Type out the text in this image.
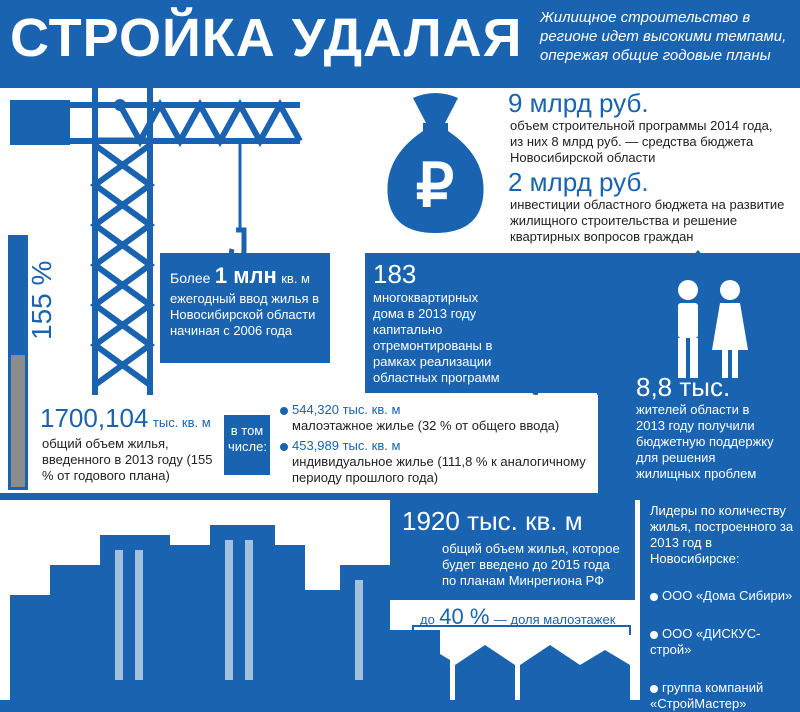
СТРОЙКА УДАЛАЯ Жилищное строительство в регионе идет высокими темпами, опережая общие годовые планы
155 %
₽
9 млрд руб.
объем строительной программы 2014 года, из них 8 млрд руб. — средства бюджета Новосибирской области
2 млрд руб.
инвестиции областного бюджета на развитие жилищного строительства и решение квартирных вопросов граждан
Более 1 млн кв. м
ежегодный ввод жилья в Новосибирской области начиная с 2006 года
183
многоквартирных дома в 2013 году капитально отремонтированы в рамках реализации областных программ	8,8 тыс.
жителей области в 2013 году получили бюджетную поддержку для решения жилищных проблем
1700,104 тыс. кв. м
общий объем жилья, введенного в 2013 году (155 % от годового плана)
в том числе:
544,320 тыс. кв. м
малоэтажное жилье (32 % от общего ввода)
453,989 тыс. кв. м
индивидуальное жилье (111,8 % к аналогичному периоду прошлого года)
1920 тыс. кв. м
общий объем жилья, которое будет введено до 2015 года по планам Минрегиона РФ
до 40 % — доля малоэтажек
Лидеры по количеству жилья, построенного за 2013 год в Новосибирске:
ООО «Дома Сибири»
ООО «ДИСКУС-строй»
группа компаний «СтройМастер»
